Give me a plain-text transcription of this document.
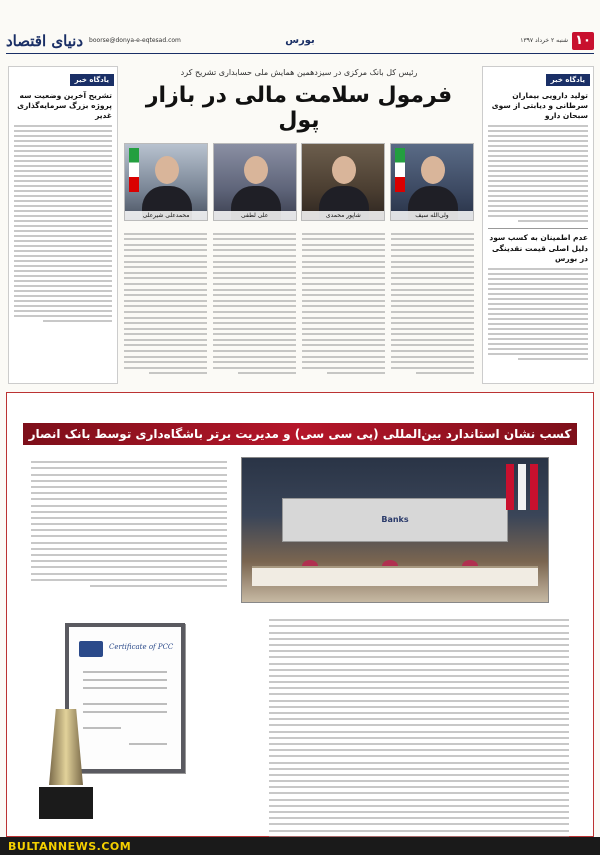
۱۰
شنبه ۲ خرداد ۱۳۹۷
بورس
boorse@donya-e-eqtesad.com
دنیای اقتصاد
یادگاه خبر
تولید دارویی بیماران سرطانی و دیابتی از سوی سبحان دارو
عدم اطمینان به کسب سود دلیل اصلی قیمت نقدینگی در بورس
یادگاه خبر
تشریح آخرین وضعیت سه پروژه بزرگ سرمایه‌گذاری غدیر
رئیس کل بانک مرکزی در سیزدهمین همایش ملی حسابداری تشریح کرد
فرمول سلامت مالی در بازار پول
ولی‌الله سیف
شاپور محمدی
علی لطفی
محمدعلی شیرعلی
کسب نشان استاندارد بین‌المللی (پی سی سی) و مدیریت برتر باشگاه‌داری توسط بانک انصار
Banks
Certificate of PCC
BULTANNEWS.COM
